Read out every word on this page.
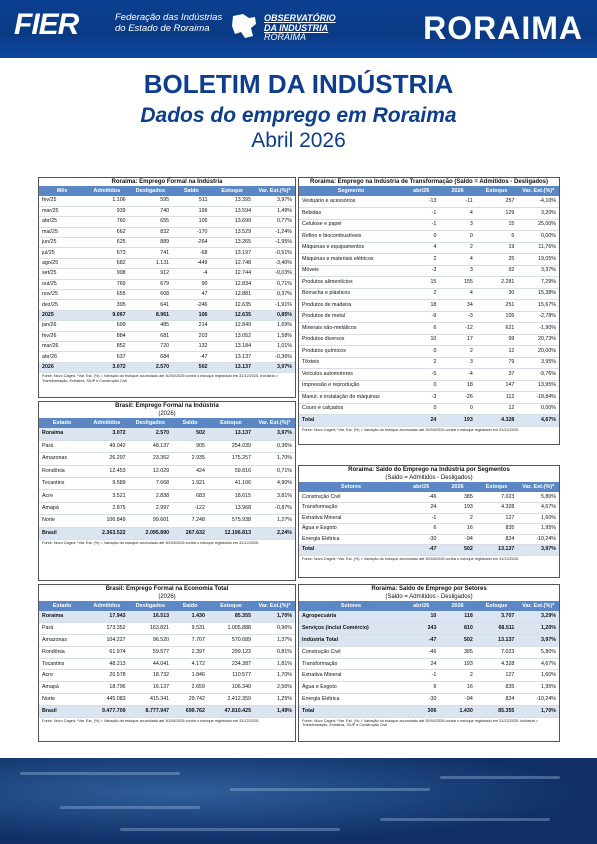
FIER	Federação das Indústrias do Estado de Roraima
OBSERVATÓRIO DA INDÚSTRIA
RORAIMA	RORAIMA
BOLETIM DA INDÚSTRIA
Dados do emprego em Roraima
Abril 2026
Roraima: Emprego Formal na Indústria
Mês	Admitidos	Desligados	Saldo	Estoque	Var. Est.(%)*
fev/25	1.106	595	511	13.395	3,97%
mar/25	939	740	199	13.594	1,49%
abr/25	760	655	105	13.699	0,77%
mai/25	662	832	-170	13.529	-1,24%
jun/25	625	889	-264	13.265	-1,95%
jul/25	673	741	-68	13.197	-0,51%
ago/25	682	1.131	-449	12.748	-3,40%
set/25	908	912	-4	12.744	-0,03%
out/25	769	679	90	12.834	0,71%
nov/25	655	608	47	12.881	0,37%
dez/25	395	641	-246	12.635	-1,91%
2025	9.067	8.961	106	12.635	0,85%
jan/26	699	485	214	12.849	1,69%
fev/26	884	681	203	13.052	1,58%
mar/26	852	720	132	13.184	1,01%
abr/26	637	684	-47	13.137	-0,36%
2026	3.072	2.570	502	13.137	3,97%
Fonte: Novo Caged. *Var. Est. (%) = Variação do estoque acumulado até 30/04/2026 contra o estoque registrado em 31/12/2025. Indústria = Transformação, Extrativa, SIUP e Construção Civil
Roraima: Emprego na Indústria de Transformação (Saldo = Admitidos - Desligados)
Segmento	abr/26	2026	Estoque	Var. Est.(%)*
Vestuário e acessórios	-13	-11	257	-4,10%
Bebidas	-1	4	129	3,20%
Celulose e papel	-1	3	15	25,00%
Refino e biocombustíveis	0	0	5	0,00%
Máquinas e equipamentos	4	2	19	11,76%
Máquinas e materiais elétricos	2	4	25	19,05%
Móveis	-3	3	92	3,37%
Produtos alimentícios	15	155	2.281	7,29%
Borracha e plásticos	2	4	30	15,38%
Produtos de madeira	18	34	251	15,67%
Produtos de metal	-9	-3	105	-2,78%
Minerais não-metálicos	6	-12	621	-1,90%
Produtos diversos	10	17	99	20,73%
Produtos químicos	0	2	12	20,00%
Têxteis	2	3	79	3,95%
Veículos automotores	-5	-4	37	-9,76%
Impressão e reprodução	0	18	147	13,95%
Manut. e instalação de máquinas	-3	-26	112	-18,84%
Couro e calçados	0	0	12	0,00%
Total	24	193	4.328	4,67%
Fonte: Novo Caged; *Var. Est. (%) = Variação do estoque acumulado até 30/04/2026 contra o estoque registrado em 31/12/2025.
Brasil: Emprego Formal na Indústria
(2026)
Estado	Admitidos	Desligados	Saldo	Estoque	Var. Est.(%)*
Roraima	3.072	2.570	502	13.137	3,97%
Pará	49.042	48.137	905	254.039	0,36%
Amazonas	26.297	23.362	2.935	175.257	1,70%
Rondônia	12.453	12.029	424	59.816	0,71%
Tocantins	9.589	7.668	1.921	41.106	4,90%
Acre	3.521	2.838	683	18.615	3,81%
Amapá	2.875	2.997	-122	13.968	-0,87%
Norte	106.849	99.601	7.248	575.938	1,27%
Brasil	2.363.522	2.095.890	267.632	12.196.813	2,24%
Fonte: Novo Caged; *Var. Est. (%) = Variação do estoque acumulado até 30/04/2026 contra o estoque registrado em 31/12/2025.
Roraima: Saldo do Emprego na Indústria por Segmentos
(Saldo = Admitidos - Desligados)
Setores	abr/26	2026	Estoque	Var. Est.(%)*
Construção Civil	-46	385	7.023	5,80%
Transformação	24	193	4.328	4,67%
Extrativa Mineral	-1	2	127	1,60%
Água e Esgoto	6	16	835	1,95%
Energia Elétrica	-30	-94	824	-10,24%
Total	-47	502	13.137	3,97%
Fonte: Novo Caged; *Var. Est. (%) = Variação do estoque acumulado até 30/04/2026 contra o estoque registrado em 31/12/2025.
Brasil: Emprego Formal na Economia Total
(2026)
Estado	Admitidos	Desligados	Saldo	Estoque	Var. Est.(%)*
Roraima	17.943	16.513	1.430	85.355	1,70%
Pará	173.352	163.821	9.531	1.005.888	0,96%
Amazonas	104.227	96.520	7.707	570.689	1,37%
Rondônia	61.974	59.577	2.397	299.123	0,81%
Tocantins	48.213	44.041	4.172	234.387	1,81%
Acre	20.578	18.732	1.846	110.577	1,70%
Amapá	18.796	16.137	2.659	106.340	2,56%
Norte	445.083	415.341	29.742	2.412.359	1,25%
Brasil	9.477.709	8.777.947	699.762	47.810.425	1,49%
Fonte: Novo Caged; *Var. Est. (%) = Variação do estoque acumulado até 30/04/2026 contra o estoque registrado em 31/12/2025.
Roraima: Saldo de Emprego por Setores
(Saldo = Admitidos - Desligados)
Setores	abr/26	2026	Estoque	Var. Est.(%)*
Agropecuária	10	118	3.707	3,29%
Serviços (inclui Comércio)	343	810	68.511	1,20%
Indústria Total	-47	502	13.137	3,97%
Construção Civil	-46	385	7.023	5,80%
Transformação	24	193	4.328	4,67%
Extrativa Mineral	-1	2	127	1,60%
Água e Esgoto	6	16	835	1,95%
Energia Elétrica	-30	-94	824	-10,24%
Total	306	1.430	85.355	1,70%
Fonte: Novo Caged; *Var. Est. (%) = Variação do estoque acumulado até 30/04/2026 contra o estoque registrado em 31/12/2025. Indústria = Transformação, Extrativa, SIUP e Construção Civil
